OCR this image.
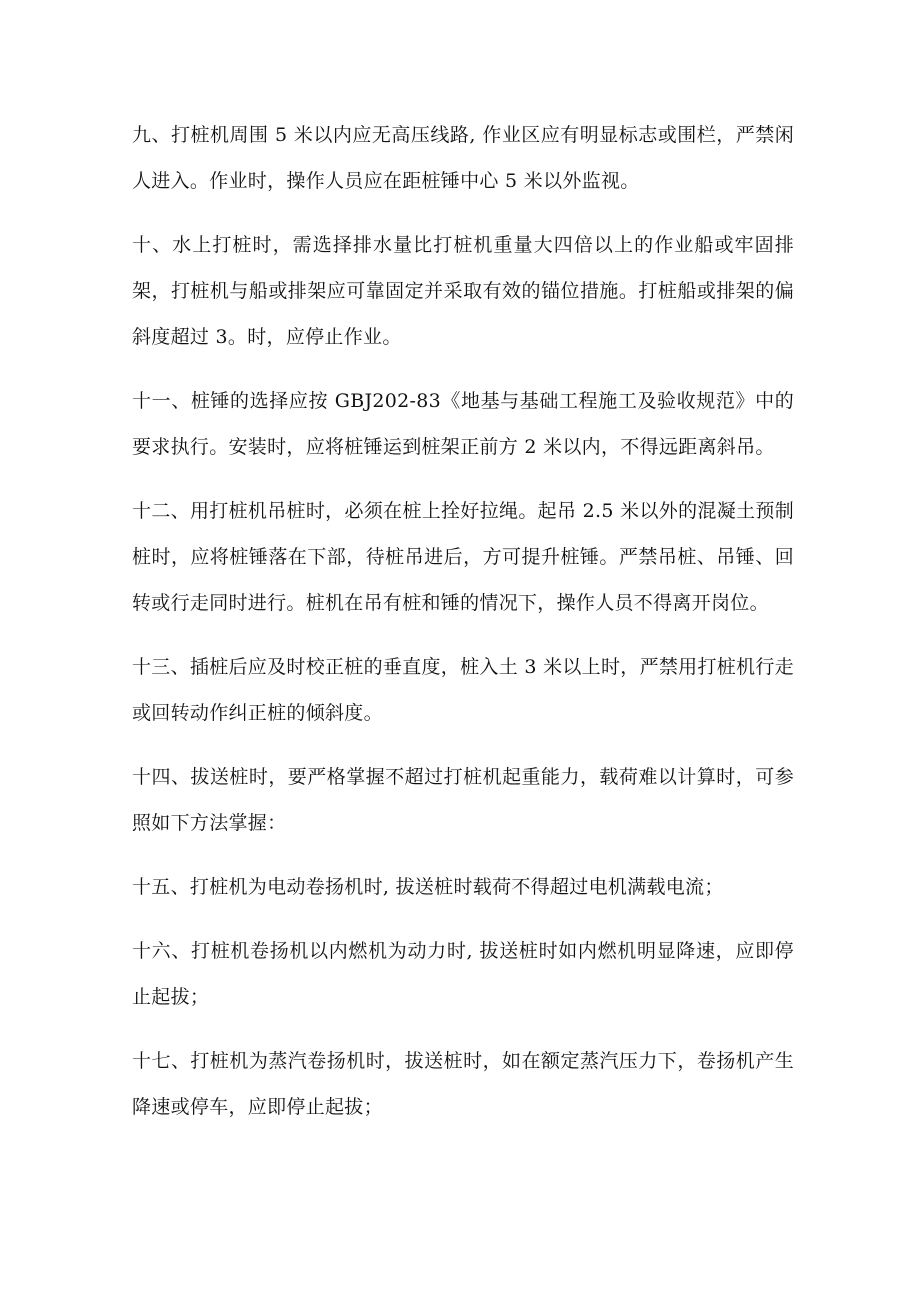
九、打桩机周围 5 米以内应无高压线路, 作业区应有明显标志或围栏，严禁闲人进入。作业时，操作人员应在距桩锤中心 5 米以外监视。

十、水上打桩时，需选择排水量比打桩机重量大四倍以上的作业船或牢固排架，打桩机与船或排架应可靠固定并采取有效的锚位措施。打桩船或排架的偏斜度超过 3。时，应停止作业。

十一、桩锤的选择应按 GBJ202-83《地基与基础工程施工及验收规范》中的要求执行。安装时，应将桩锤运到桩架正前方 2 米以内，不得远距离斜吊。

十二、用打桩机吊桩时，必须在桩上拴好拉绳。起吊 2.5 米以外的混凝土预制桩时，应将桩锤落在下部，待桩吊进后，方可提升桩锤。严禁吊桩、吊锤、回转或行走同时进行。桩机在吊有桩和锤的情况下，操作人员不得离开岗位。

十三、插桩后应及时校正桩的垂直度，桩入土 3 米以上时，严禁用打桩机行走或回转动作纠正桩的倾斜度。

十四、拔送桩时，要严格掌握不超过打桩机起重能力，载荷难以计算时，可参照如下方法掌握：

十五、打桩机为电动卷扬机时, 拔送桩时载荷不得超过电机满载电流；

十六、打桩机卷扬机以内燃机为动力时, 拔送桩时如内燃机明显降速，应即停止起拔；

十七、打桩机为蒸汽卷扬机时，拔送桩时，如在额定蒸汽压力下，卷扬机产生降速或停车，应即停止起拔；
